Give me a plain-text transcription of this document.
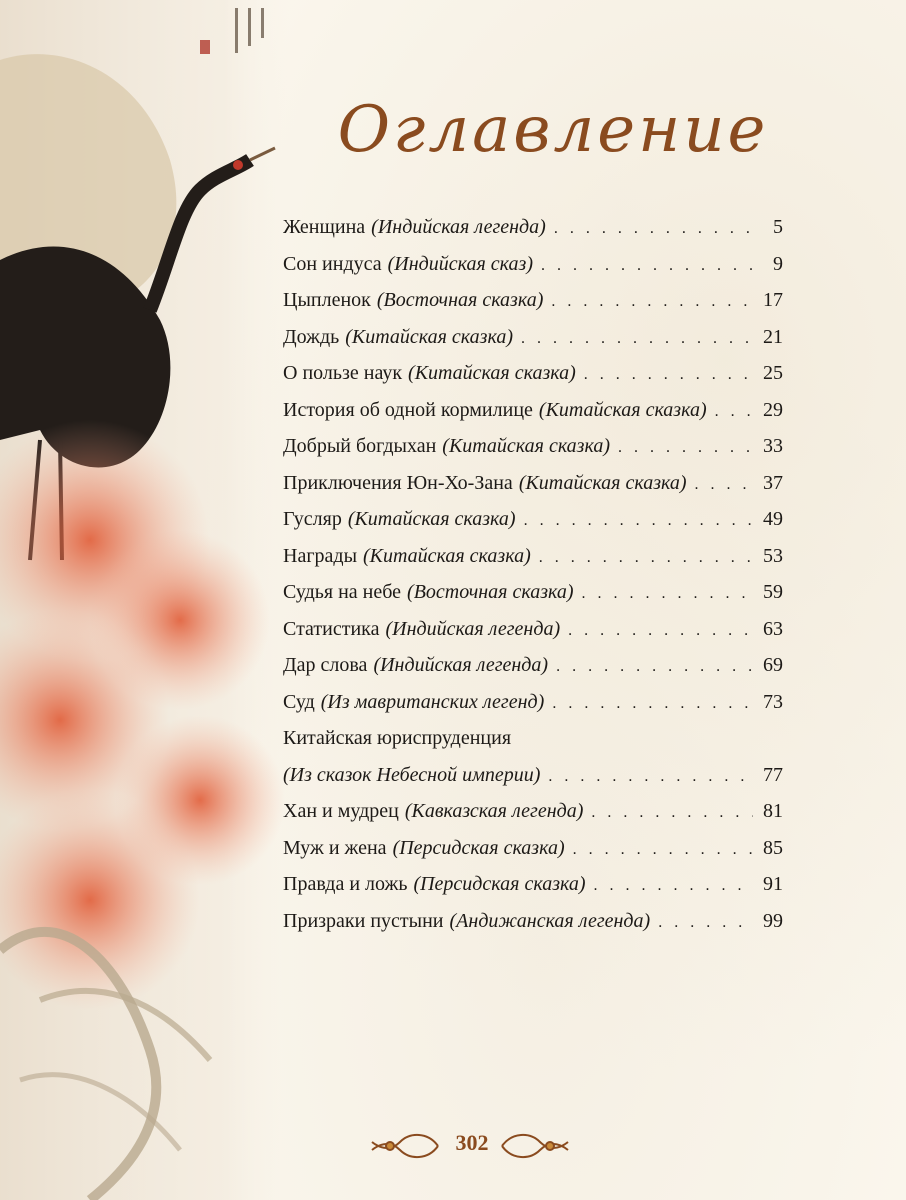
Оглавление
Женщина (Индийская легенда) . . .	5
Сон индуса (Индийская сказ) . . .	9
Цыпленок (Восточная сказка) . . .	17
Дождь (Китайская сказка) . . .	21
О пользе наук (Китайская сказка) . . .	25
История об одной кормилице (Китайская сказка) . . .	29
Добрый богдыхан (Китайская сказка) . . .	33
Приключения Юн-Хо-Зана (Китайская сказка) . . .	37
Гусляр (Китайская сказка) . . .	49
Награды (Китайская сказка) . . .	53
Судья на небе (Восточная сказка) . . .	59
Статистика (Индийская легенда) . . .	63
Дар слова (Индийская легенда) . . .	69
Суд (Из мавританских легенд) . . .	73
Китайская юриспруденция
(Из сказок Небесной империи) . . .	77
Хан и мудрец (Кавказская легенда) . . .	81
Муж и жена (Персидская сказка) . . .	85
Правда и ложь (Персидская сказка) . . .	91
Призраки пустыни (Андижанская легенда) . . .	99
302
